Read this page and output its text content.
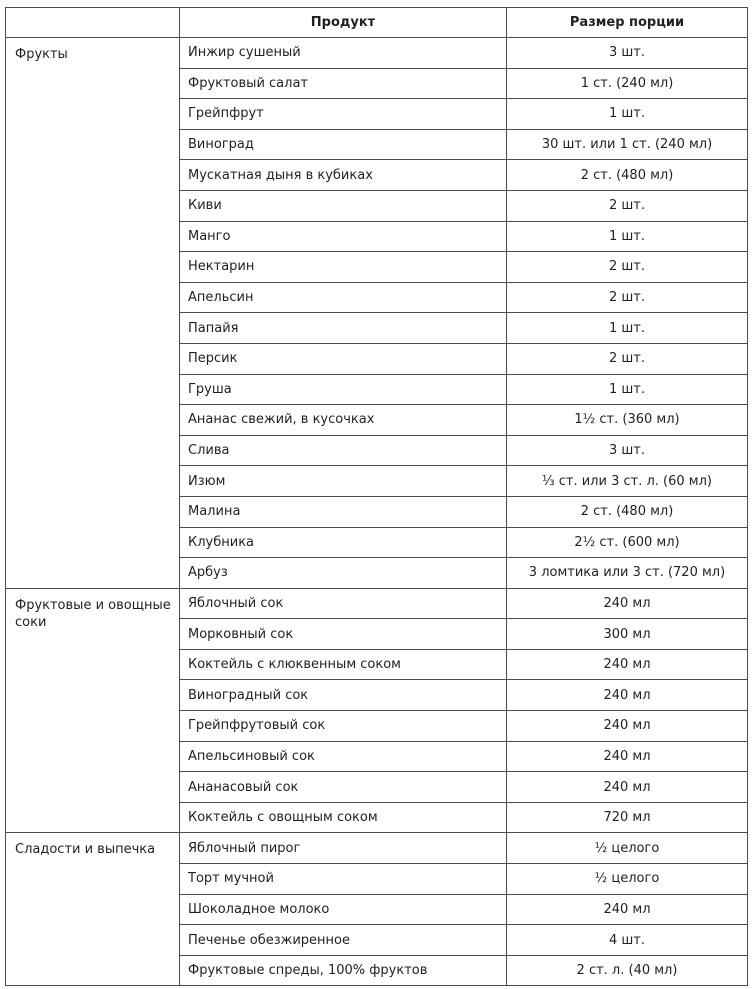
	Продукт	Размер порции
Фрукты	Инжир сушеный	3 шт.
	Фруктовый салат	1 ст. (240 мл)
	Грейпфрут	1 шт.
	Виноград	30 шт. или 1 ст. (240 мл)
	Мускатная дыня в кубиках	2 ст. (480 мл)
	Киви	2 шт.
	Манго	1 шт.
	Нектарин	2 шт.
	Апельсин	2 шт.
	Папайя	1 шт.
	Персик	2 шт.
	Груша	1 шт.
	Ананас свежий, в кусочках	1½ ст. (360 мл)
	Слива	3 шт.
	Изюм	⅓ ст. или 3 ст. л. (60 мл)
	Малина	2 ст. (480 мл)
	Клубника	2½ ст. (600 мл)
	Арбуз	3 ломтика или 3 ст. (720 мл)
Фруктовые и овощные соки	Яблочный сок	240 мл
	Морковный сок	300 мл
	Коктейль с клюквенным соком	240 мл
	Виноградный сок	240 мл
	Грейпфрутовый сок	240 мл
	Апельсиновый сок	240 мл
	Ананасовый сок	240 мл
	Коктейль с овощным соком	720 мл
Сладости и выпечка	Яблочный пирог	½ целого
	Торт мучной	½ целого
	Шоколадное молоко	240 мл
	Печенье обезжиренное	4 шт.
	Фруктовые спреды, 100% фруктов	2 ст. л. (40 мл)
